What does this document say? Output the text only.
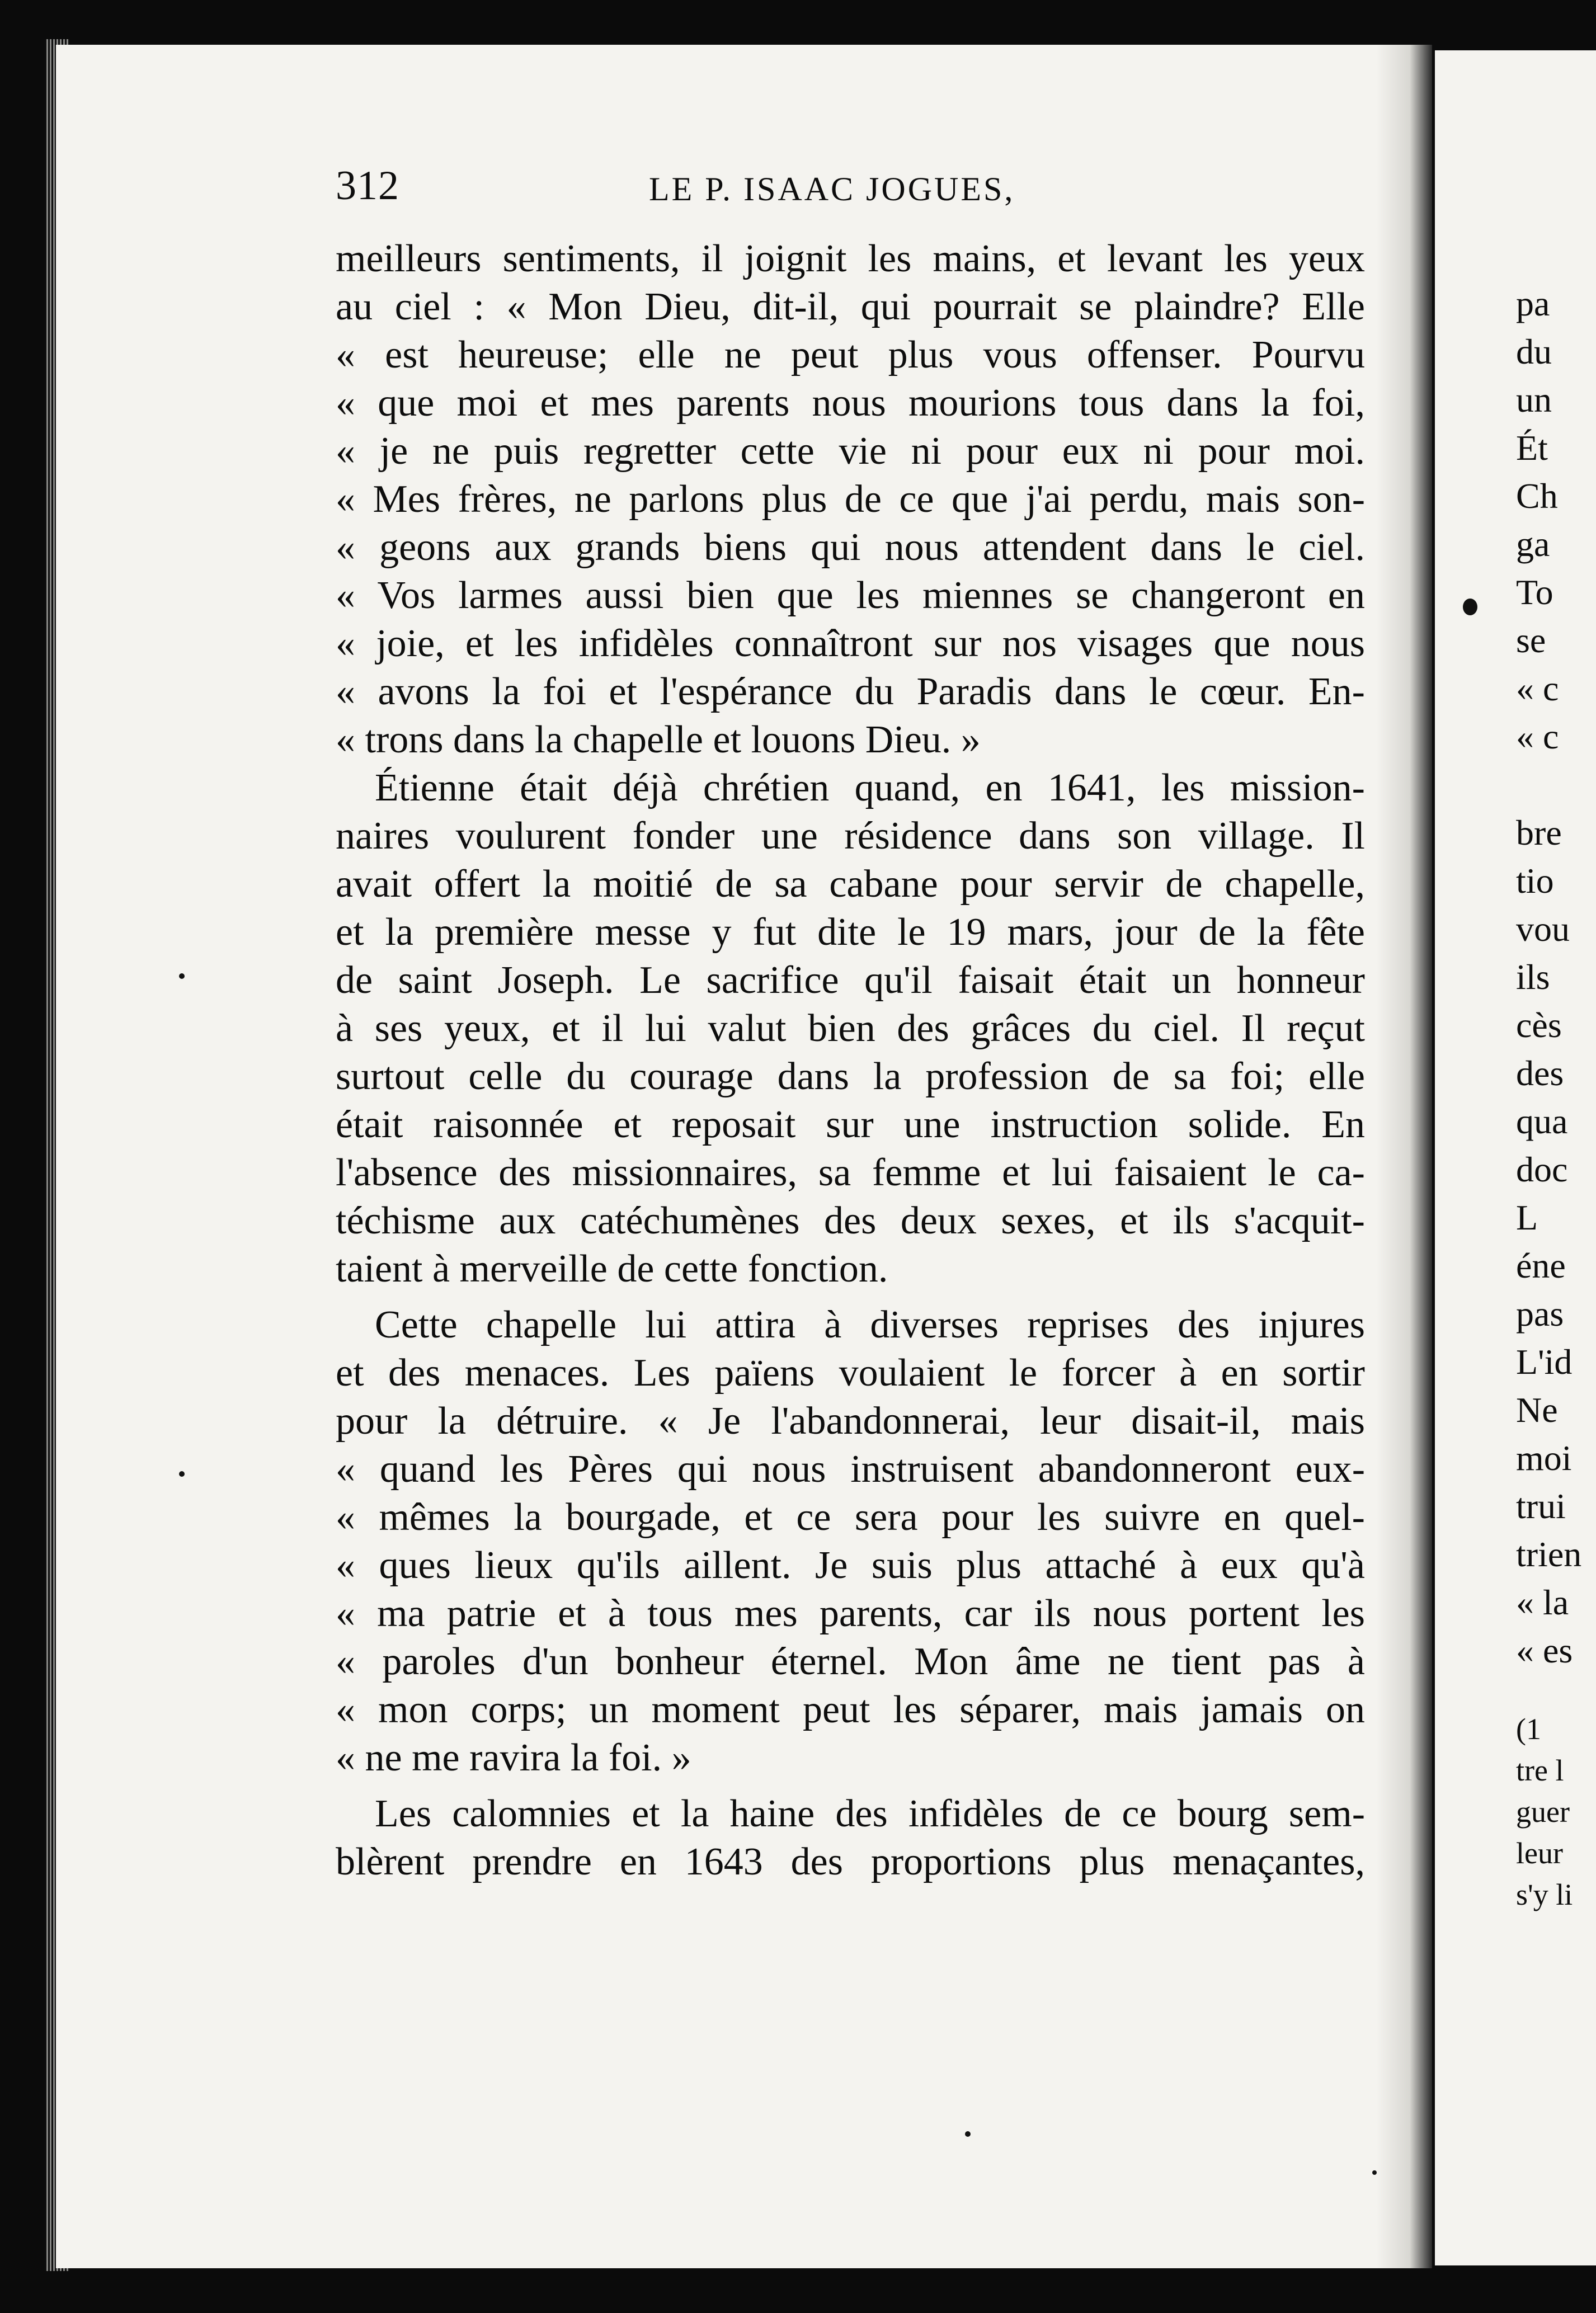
312	LE P. ISAAC JOGUES,
meilleurs sentiments, il joignit les mains, et levant les yeux
au ciel : « Mon Dieu, dit-il, qui pourrait se plaindre? Elle
« est heureuse; elle ne peut plus vous offenser. Pourvu
« que moi et mes parents nous mourions tous dans la foi,
« je ne puis regretter cette vie ni pour eux ni pour moi.
« Mes frères, ne parlons plus de ce que j'ai perdu, mais son-
« geons aux grands biens qui nous attendent dans le ciel.
« Vos larmes aussi bien que les miennes se changeront en
« joie, et les infidèles connaîtront sur nos visages que nous
« avons la foi et l'espérance du Paradis dans le cœur. En-
« trons dans la chapelle et louons Dieu. »
Étienne était déjà chrétien quand, en 1641, les mission-
naires voulurent fonder une résidence dans son village. Il
avait offert la moitié de sa cabane pour servir de chapelle,
et la première messe y fut dite le 19 mars, jour de la fête
de saint Joseph. Le sacrifice qu'il faisait était un honneur
à ses yeux, et il lui valut bien des grâces du ciel. Il reçut
surtout celle du courage dans la profession de sa foi; elle
était raisonnée et reposait sur une instruction solide. En
l'absence des missionnaires, sa femme et lui faisaient le ca-
téchisme aux catéchumènes des deux sexes, et ils s'acquit-
taient à merveille de cette fonction.
Cette chapelle lui attira à diverses reprises des injures
et des menaces. Les païens voulaient le forcer à en sortir
pour la détruire. « Je l'abandonnerai, leur disait-il, mais
« quand les Pères qui nous instruisent abandonneront eux-
« mêmes la bourgade, et ce sera pour les suivre en quel-
« ques lieux qu'ils aillent. Je suis plus attaché à eux qu'à
« ma patrie et à tous mes parents, car ils nous portent les
« paroles d'un bonheur éternel. Mon âme ne tient pas à
« mon corps; un moment peut les séparer, mais jamais on
« ne me ravira la foi. »
Les calomnies et la haine des infidèles de ce bourg sem-
blèrent prendre en 1643 des proportions plus menaçantes,
pa
du
un
Ét
Ch
ga
To
se
« c
« c
bre
tio
vou
ils
cès
des
qua
doc
L
éne
pas
L'id
Ne
moi
trui
trien
« la
« es
(1
tre l
guer
leur
s'y li
